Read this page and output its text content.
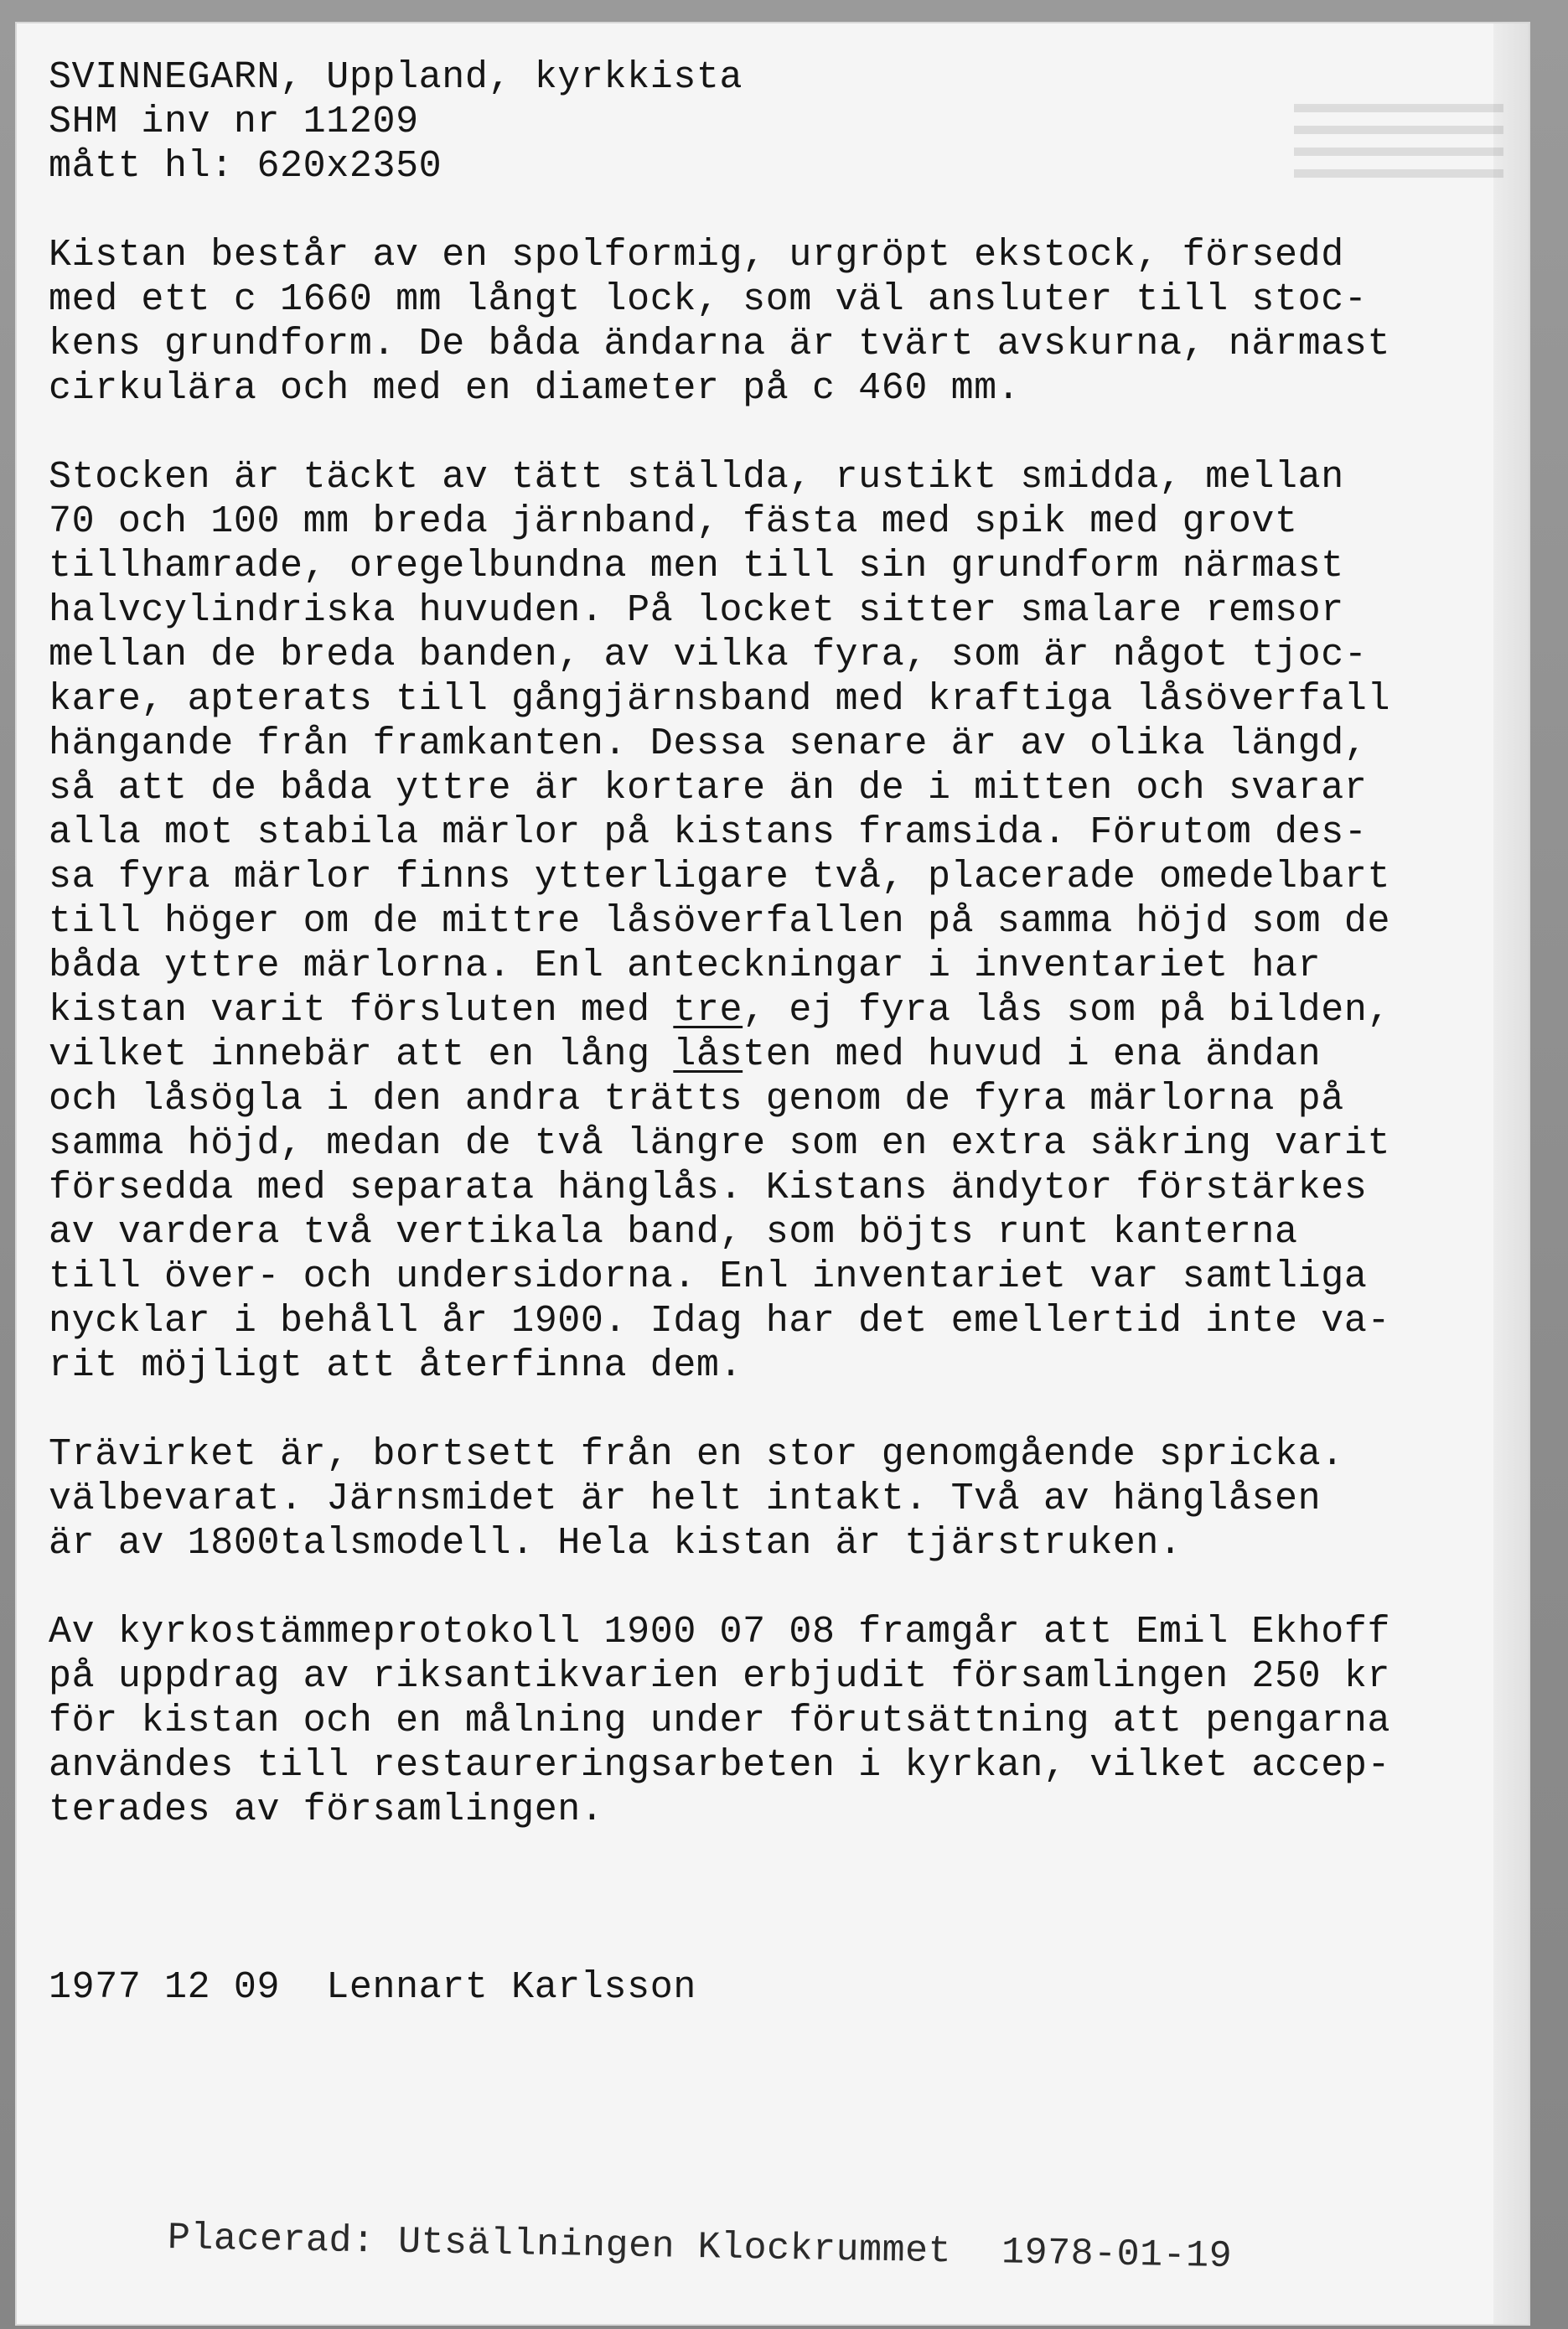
SVINNEGARN, Uppland, kyrkkista
SHM inv nr 11209
mått hl: 620x2350
Kistan består av en spolformig, urgröpt ekstock, försedd
med ett c 1660 mm långt lock, som väl ansluter till stoc-
kens grundform. De båda ändarna är tvärt avskurna, närmast
cirkulära och med en diameter på c 460 mm.
Stocken är täckt av tätt ställda, rustikt smidda, mellan
70 och 100 mm breda järnband, fästa med spik med grovt
tillhamrade, oregelbundna men till sin grundform närmast
halvcylindriska huvuden. På locket sitter smalare remsor
mellan de breda banden, av vilka fyra, som är något tjoc-
kare, apterats till gångjärnsband med kraftiga låsöverfall
hängande från framkanten. Dessa senare är av olika längd,
så att de båda yttre är kortare än de i mitten och svarar
alla mot stabila märlor på kistans framsida. Förutom des-
sa fyra märlor finns ytterligare två, placerade omedelbart
till höger om de mittre låsöverfallen på samma höjd som de
båda yttre märlorna. Enl anteckningar i inventariet har
kistan varit försluten med tre, ej fyra lås som på bilden,
vilket innebär att en lång låsten med huvud i ena ändan
och låsögla i den andra trätts genom de fyra märlorna på
samma höjd, medan de två längre som en extra säkring varit
försedda med separata hänglås. Kistans ändytor förstärkes
av vardera två vertikala band, som böjts runt kanterna
till över- och undersidorna. Enl inventariet var samtliga
nycklar i behåll år 1900. Idag har det emellertid inte va-
rit möjligt att återfinna dem.
Trävirket är, bortsett från en stor genomgående spricka.
välbevarat. Järnsmidet är helt intakt. Två av hänglåsen
är av 1800talsmodell. Hela kistan är tjärstruken.
Av kyrkostämmeprotokoll 1900 07 08 framgår att Emil Ekhoff
på uppdrag av riksantikvarien erbjudit församlingen 250 kr
för kistan och en målning under förutsättning att pengarna
användes till restaureringsarbeten i kyrkan, vilket accep-
terades av församlingen.
1977 12 09 Lennart Karlsson
Placerad: Utsällningen Klockrummet 1978-01-19
